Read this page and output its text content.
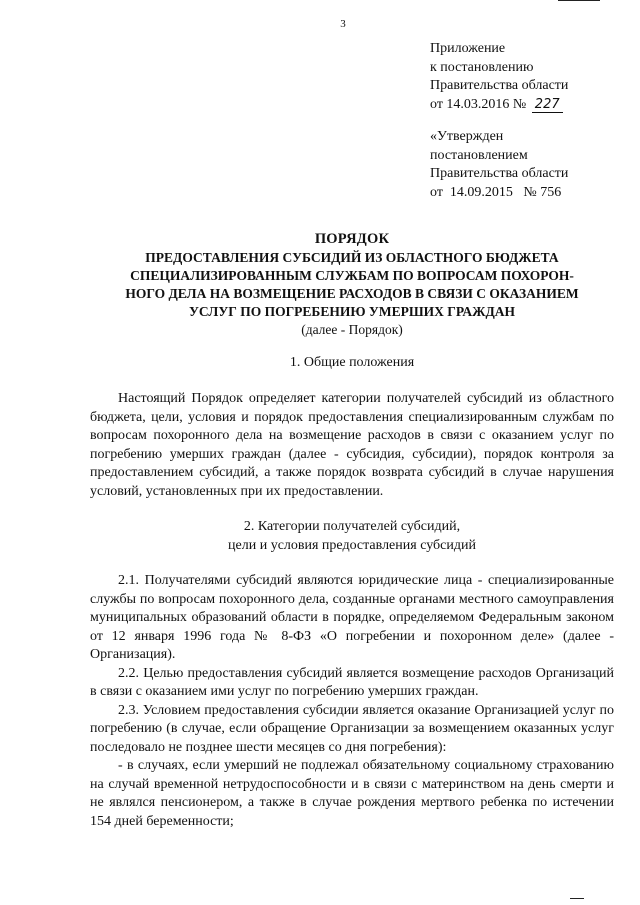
3
Приложение
к постановлению
Правительства области
от 14.03.2016 № 227
«Утвержден
постановлением
Правительства области
от  14.09.2015   № 756

ПОРЯДОК

ПРЕДОСТАВЛЕНИЯ СУБСИДИЙ ИЗ ОБЛАСТНОГО БЮДЖЕТА

СПЕЦИАЛИЗИРОВАННЫМ СЛУЖБАМ ПО ВОПРОСАМ ПОХОРОН-

НОГО ДЕЛА НА ВОЗМЕЩЕНИЕ РАСХОДОВ В СВЯЗИ С ОКАЗАНИЕМ

УСЛУГ ПО ПОГРЕБЕНИЮ УМЕРШИХ ГРАЖДАН

(далее - Порядок)

1. Общие положения

Настоящий Порядок определяет категории получателей субсидий из областного бюджета, цели, условия и порядок предоставления специализированным службам по вопросам похоронного дела на возмещение расходов в связи с оказанием услуг по погребению умерших граждан (далее - субсидия, субсидии), порядок контроля за предоставлением субсидий, а также порядок возврата субсидий в случае нарушения условий, установленных при их предоставлении.

2. Категории получателей субсидий,

цели и условия предоставления субсидий

2.1. Получателями субсидий являются юридические лица - специализированные службы по вопросам похоронного дела, созданные органами местного самоуправления муниципальных образований области в порядке, определяемом Федеральным законом от 12 января 1996 года № 8-ФЗ «О погребении и похоронном деле» (далее - Организация).

2.2. Целью предоставления субсидий является возмещение расходов Организаций в связи с оказанием ими услуг по погребению умерших граждан.

2.3. Условием предоставления субсидии является оказание Организацией услуг по погребению (в случае, если обращение Организации за возмещением оказанных услуг последовало не позднее шести месяцев со дня погребения):

- в случаях, если умерший не подлежал обязательному социальному страхованию на случай временной нетрудоспособности и в связи с материнством на день смерти и не являлся пенсионером, а также в случае рождения мертвого ребенка по истечении 154 дней беременности;
